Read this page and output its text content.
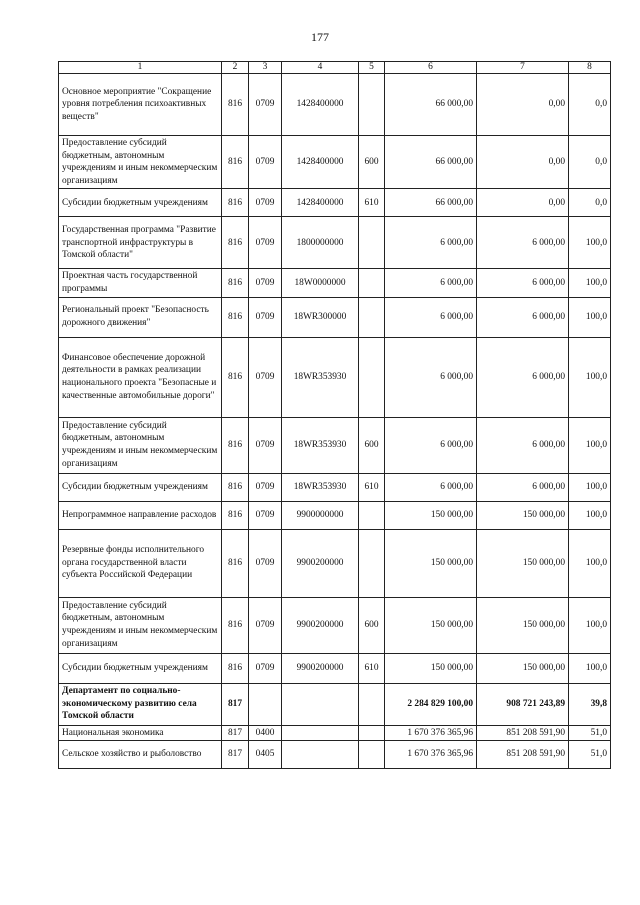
177
1	2	3	4	5	6	7	8
Основное мероприятие "Сокращение уровня потребления психоактивных веществ"	816	0709	1428400000		66 000,00	0,00	0,0
Предоставление субсидий бюджетным, автономным учреждениям и иным некоммерческим организациям	816	0709	1428400000	600	66 000,00	0,00	0,0
Субсидии бюджетным учреждениям	816	0709	1428400000	610	66 000,00	0,00	0,0
Государственная программа "Развитие транспортной инфраструктуры в Томской области"	816	0709	1800000000		6 000,00	6 000,00	100,0
Проектная часть государственной программы	816	0709	18W0000000		6 000,00	6 000,00	100,0
Региональный проект "Безопасность дорожного движения"	816	0709	18WR300000		6 000,00	6 000,00	100,0
Финансовое обеспечение дорожной деятельности в рамках реализации национального проекта "Безопасные и качественные автомобильные дороги"	816	0709	18WR353930		6 000,00	6 000,00	100,0
Предоставление субсидий бюджетным, автономным учреждениям и иным некоммерческим организациям	816	0709	18WR353930	600	6 000,00	6 000,00	100,0
Субсидии бюджетным учреждениям	816	0709	18WR353930	610	6 000,00	6 000,00	100,0
Непрограммное направление расходов	816	0709	9900000000		150 000,00	150 000,00	100,0
Резервные фонды исполнительного органа государственной власти субъекта Российской Федерации	816	0709	9900200000		150 000,00	150 000,00	100,0
Предоставление субсидий бюджетным, автономным учреждениям и иным некоммерческим организациям	816	0709	9900200000	600	150 000,00	150 000,00	100,0
Субсидии бюджетным учреждениям	816	0709	9900200000	610	150 000,00	150 000,00	100,0
Департамент по социально-экономическому развитию села Томской области	817				2 284 829 100,00	908 721 243,89	39,8
Национальная экономика	817	0400			1 670 376 365,96	851 208 591,90	51,0
Сельское хозяйство и рыболовство	817	0405			1 670 376 365,96	851 208 591,90	51,0
